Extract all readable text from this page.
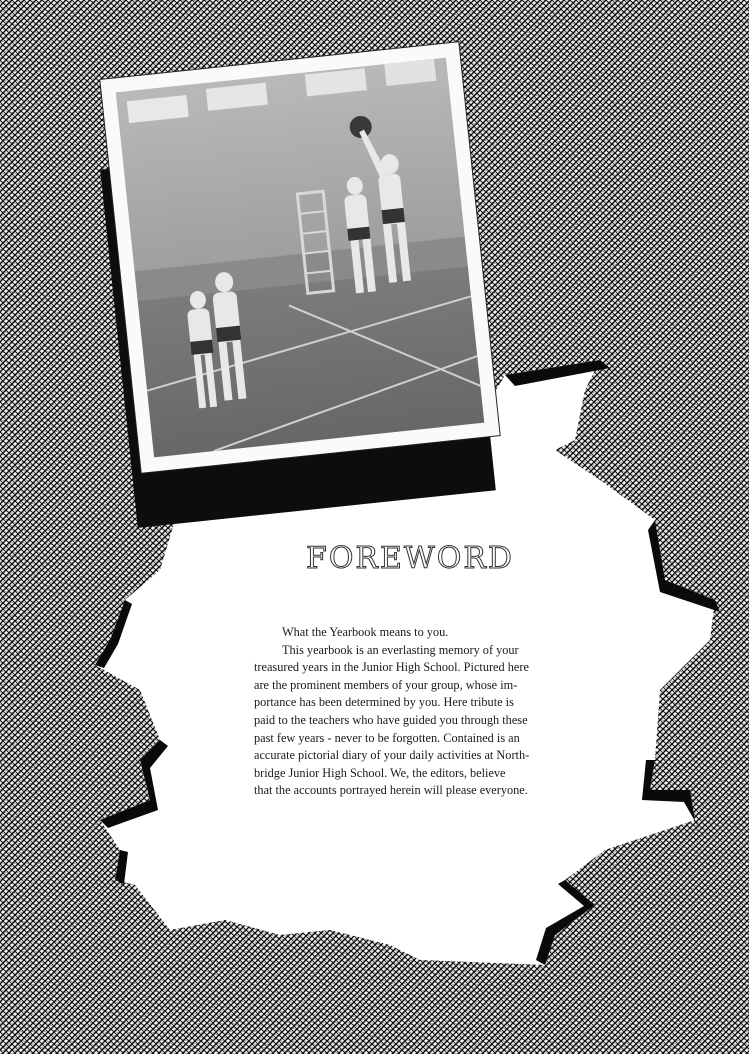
FOREWORD
What the Yearbook means to you.
This yearbook is an everlasting memory of your
treasured years in the Junior High School. Pictured here
are the prominent members of your group, whose im-
portance has been determined by you. Here tribute is
paid to the teachers who have guided you through these
past few years - never to be forgotten. Contained is an
accurate pictorial diary of your daily activities at North-
bridge Junior High School. We, the editors, believe
that the accounts portrayed herein will please everyone.
